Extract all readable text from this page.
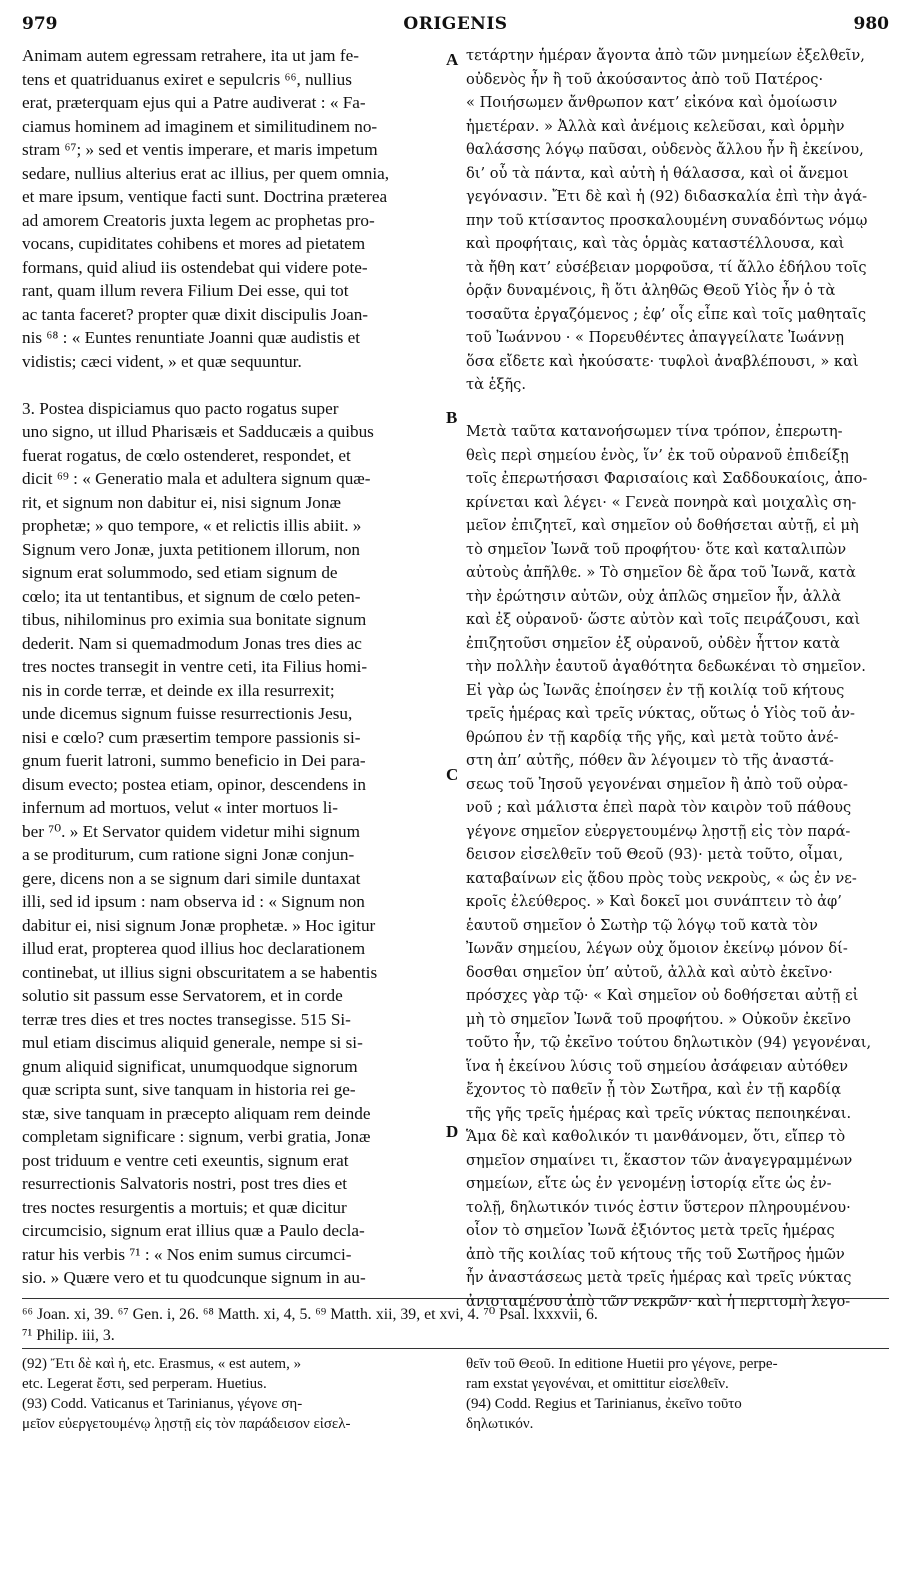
979	ORIGENIS	980
A
B
C
D
Animam autem egressam retrahere, ita ut jam fe-
tens et quatriduanus exiret e sepulcris ⁶⁶, nullius
erat, præterquam ejus qui a Patre audiverat : « Fa-
ciamus hominem ad imaginem et similitudinem no-
stram ⁶⁷; » sed et ventis imperare, et maris impetum
sedare, nullius alterius erat ac illius, per quem omnia,
et mare ipsum, ventique facti sunt. Doctrina præterea
ad amorem Creatoris juxta legem ac prophetas pro-
vocans, cupiditates cohibens et mores ad pietatem
formans, quid aliud iis ostendebat qui videre pote-
rant, quam illum revera Filium Dei esse, qui tot
ac tanta faceret? propter quæ dixit discipulis Joan-
nis ⁶⁸ : « Euntes renuntiate Joanni quæ audistis et
vidistis; cæci vident, » et quæ sequuntur.
3. Postea dispiciamus quo pacto rogatus super
uno signo, ut illud Pharisæis et Sadducæis a quibus
fuerat rogatus, de cœlo ostenderet, respondet, et
dicit ⁶⁹ : « Generatio mala et adultera signum quæ-
rit, et signum non dabitur ei, nisi signum Jonæ
prophetæ; » quo tempore, « et relictis illis abiit. »
Signum vero Jonæ, juxta petitionem illorum, non
signum erat solummodo, sed etiam signum de
cœlo; ita ut tentantibus, et signum de cœlo peten-
tibus, nihilominus pro eximia sua bonitate signum
dederit. Nam si quemadmodum Jonas tres dies ac
tres noctes transegit in ventre ceti, ita Filius homi-
nis in corde terræ, et deinde ex illa resurrexit;
unde dicemus signum fuisse resurrectionis Jesu,
nisi e cœlo? cum præsertim tempore passionis si-
gnum fuerit latroni, summo beneficio in Dei para-
disum evecto; postea etiam, opinor, descendens in
infernum ad mortuos, velut « inter mortuos li-
ber ⁷⁰. » Et Servator quidem videtur mihi signum
a se proditurum, cum ratione signi Jonæ conjun-
gere, dicens non a se signum dari simile duntaxat
illi, sed id ipsum : nam observa id : « Signum non
dabitur ei, nisi signum Jonæ prophetæ. » Hoc igitur
illud erat, propterea quod illius hoc declarationem
continebat, ut illius signi obscuritatem a se habentis
solutio sit passum esse Servatorem, et in corde
terræ tres dies et tres noctes transegisse. 515 Si-
mul etiam discimus aliquid generale, nempe si si-
gnum aliquid significat, unumquodque signorum
quæ scripta sunt, sive tanquam in historia rei ge-
stæ, sive tanquam in præcepto aliquam rem deinde
completam significare : signum, verbi gratia, Jonæ
post triduum e ventre ceti exeuntis, signum erat
resurrectionis Salvatoris nostri, post tres dies et
tres noctes resurgentis a mortuis; et quæ dicitur
circumcisio, signum erat illius quæ a Paulo decla-
ratur his verbis ⁷¹ : « Nos enim sumus circumci-
sio. » Quære vero et tu quodcunque signum in au-
τετάρτην ἡμέραν ἄγοντα ἀπὸ τῶν μνημείων ἐξελθεῖν,
οὐδενὸς ἦν ἢ τοῦ ἀκούσαντος ἀπὸ τοῦ Πατέρος·
« Ποιήσωμεν ἄνθρωπον κατ’ εἰκόνα καὶ ὁμοίωσιν
ἡμετέραν. » Ἀλλὰ καὶ ἀνέμοις κελεῦσαι, καὶ ὁρμὴν
θαλάσσης λόγῳ παῦσαι, οὐδενὸς ἄλλου ἦν ἢ ἐκείνου,
δι’ οὗ τὰ πάντα, καὶ αὐτὴ ἡ θάλασσα, καὶ οἱ ἄνεμοι
γεγόνασιν. Ἔτι δὲ καὶ ἡ (92) διδασκαλία ἐπὶ τὴν ἀγά-
πην τοῦ κτίσαντος προσκαλουμένη συναδόντως νόμῳ
καὶ προφήταις, καὶ τὰς ὁρμὰς καταστέλλουσα, καὶ
τὰ ἤθη κατ’ εὐσέβειαν μορφοῦσα, τί ἄλλο ἐδήλου τοῖς
ὁρᾷν δυναμένοις, ἢ ὅτι ἀληθῶς Θεοῦ Υἱὸς ἦν ὁ τὰ
τοσαῦτα ἐργαζόμενος ; ἐφ’ οἷς εἶπε καὶ τοῖς μαθηταῖς
τοῦ Ἰωάννου · « Πορευθέντες ἀπαγγείλατε Ἰωάννῃ
ὅσα εἴδετε καὶ ἠκούσατε· τυφλοὶ ἀναβλέπουσι, » καὶ
τὰ ἑξῆς.
Μετὰ ταῦτα κατανοήσωμεν τίνα τρόπον, ἐπερωτη-
θεὶς περὶ σημείου ἑνὸς, ἵν’ ἐκ τοῦ οὐρανοῦ ἐπιδείξῃ
τοῖς ἐπερωτήσασι Φαρισαίοις καὶ Σαδδουκαίοις, ἀπο-
κρίνεται καὶ λέγει· « Γενεὰ πονηρὰ καὶ μοιχαλὶς ση-
μεῖον ἐπιζητεῖ, καὶ σημεῖον οὐ δοθήσεται αὐτῇ, εἰ μὴ
τὸ σημεῖον Ἰωνᾶ τοῦ προφήτου· ὅτε καὶ καταλιπὼν
αὐτοὺς ἀπῆλθε. » Τὸ σημεῖον δὲ ἄρα τοῦ Ἰωνᾶ, κατὰ
τὴν ἐρώτησιν αὐτῶν, οὐχ ἁπλῶς σημεῖον ἦν, ἀλλὰ
καὶ ἐξ οὐρανοῦ· ὥστε αὐτὸν καὶ τοῖς πειράζουσι, καὶ
ἐπιζητοῦσι σημεῖον ἐξ οὐρανοῦ, οὐδὲν ἧττον κατὰ
τὴν πολλὴν ἑαυτοῦ ἀγαθότητα δεδωκέναι τὸ σημεῖον.
Εἰ γὰρ ὡς Ἰωνᾶς ἐποίησεν ἐν τῇ κοιλίᾳ τοῦ κήτους
τρεῖς ἡμέρας καὶ τρεῖς νύκτας, οὕτως ὁ Υἱὸς τοῦ ἀν-
θρώπου ἐν τῇ καρδίᾳ τῆς γῆς, καὶ μετὰ τοῦτο ἀνέ-
στη ἀπ’ αὐτῆς, πόθεν ἂν λέγοιμεν τὸ τῆς ἀναστά-
σεως τοῦ Ἰησοῦ γεγονέναι σημεῖον ἢ ἀπὸ τοῦ οὐρα-
νοῦ ; καὶ μάλιστα ἐπεὶ παρὰ τὸν καιρὸν τοῦ πάθους
γέγονε σημεῖον εὐεργετουμένῳ λῃστῇ εἰς τὸν παρά-
δεισον εἰσελθεῖν τοῦ Θεοῦ (93)· μετὰ τοῦτο, οἶμαι,
καταβαίνων εἰς ᾅδου πρὸς τοὺς νεκροὺς, « ὡς ἐν νε-
κροῖς ἐλεύθερος. » Καὶ δοκεῖ μοι συνάπτειν τὸ ἀφ’
ἑαυτοῦ σημεῖον ὁ Σωτὴρ τῷ λόγῳ τοῦ κατὰ τὸν
Ἰωνᾶν σημείου, λέγων οὐχ ὅμοιον ἐκείνῳ μόνον δί-
δοσθαι σημεῖον ὑπ’ αὐτοῦ, ἀλλὰ καὶ αὐτὸ ἐκεῖνο·
πρόσχες γὰρ τῷ· « Καὶ σημεῖον οὐ δοθήσεται αὐτῇ εἰ
μὴ τὸ σημεῖον Ἰωνᾶ τοῦ προφήτου. » Οὐκοῦν ἐκεῖνο
τοῦτο ἦν, τῷ ἐκεῖνο τούτου δηλωτικὸν (94) γεγονέναι,
ἵνα ἡ ἐκείνου λύσις τοῦ σημείου ἀσάφειαν αὐτόθεν
ἔχοντος τὸ παθεῖν ᾖ τὸν Σωτῆρα, καὶ ἐν τῇ καρδίᾳ
τῆς γῆς τρεῖς ἡμέρας καὶ τρεῖς νύκτας πεποιηκέναι.
Ἅμα δὲ καὶ καθολικόν τι μανθάνομεν, ὅτι, εἴπερ τὸ
σημεῖον σημαίνει τι, ἕκαστον τῶν ἀναγεγραμμένων
σημείων, εἴτε ὡς ἐν γενομένῃ ἱστορίᾳ εἴτε ὡς ἐν-
τολῇ, δηλωτικόν τινός ἐστιν ὕστερον πληρουμένου·
οἷον τὸ σημεῖον Ἰωνᾶ ἐξιόντος μετὰ τρεῖς ἡμέρας
ἀπὸ τῆς κοιλίας τοῦ κήτους τῆς τοῦ Σωτῆρος ἡμῶν
ἦν ἀναστάσεως μετὰ τρεῖς ἡμέρας καὶ τρεῖς νύκτας
ἀνισταμένου ἀπὸ τῶν νεκρῶν· καὶ ἡ περιτομὴ λεγο-
⁶⁶ Joan. xi, 39. ⁶⁷ Gen. i, 26. ⁶⁸ Matth. xi, 4, 5. ⁶⁹ Matth. xii, 39, et xvi, 4. ⁷⁰ Psal. lxxxvii, 6.
⁷¹ Philip. iii, 3.
(92) Ἔτι δὲ καὶ ἡ, etc. Erasmus, « est autem, »
etc. Legerat ἔστι, sed perperam. Huetius.
(93) Codd. Vaticanus et Tarinianus, γέγονε ση-
μεῖον εὐεργετουμένῳ λῃστῇ εἰς τὸν παράδεισον εἰσελ-
θεῖν τοῦ Θεοῦ. In editione Huetii pro γέγονε, perpe-
ram exstat γεγονέναι, et omittitur εἰσελθεῖν.
(94) Codd. Regius et Tarinianus, ἐκεῖνο τοῦτο
δηλωτικόν.
